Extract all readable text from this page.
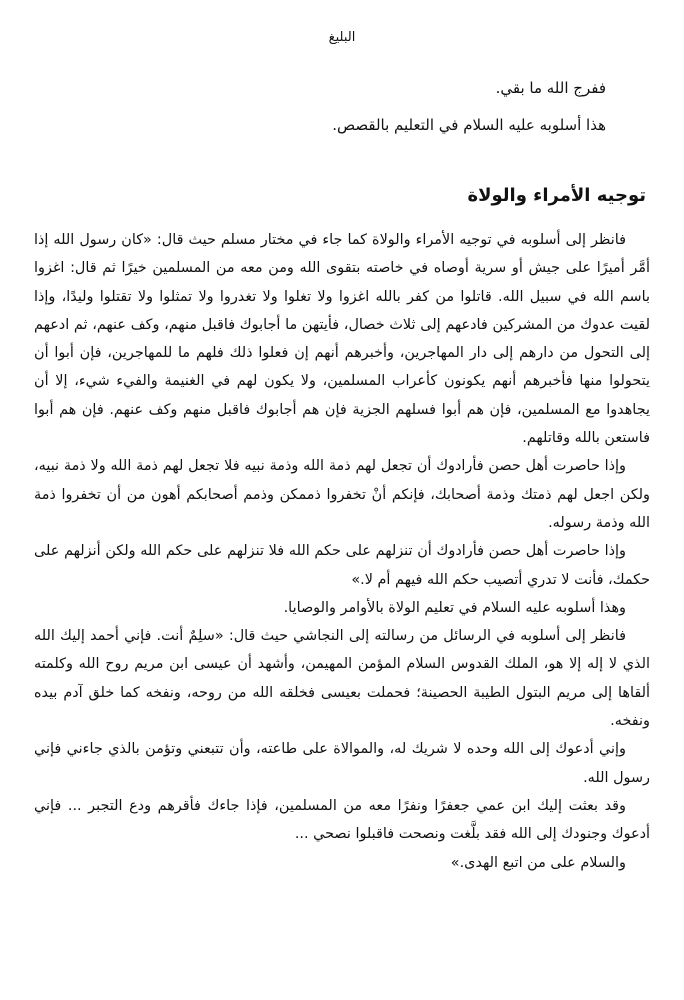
البليغ
ففرج الله ما بقي.
هذا أسلوبه عليه السلام في التعليم بالقصص.
توجيه الأمراء والولاة

فانظر إلى أسلوبه في توجيه الأمراء والولاة كما جاء في مختار مسلم حيث قال: «كان رسول الله إذا أمَّر أميرًا على جيش أو سرية أوصاه في خاصته بتقوى الله ومن معه من المسلمين خيرًا ثم قال: اغزوا باسم الله في سبيل الله. قاتلوا من كفر بالله اغزوا ولا تغلوا ولا تغدروا ولا تمثلوا ولا تقتلوا وليدًا، وإذا لقيت عدوك من المشركين فادعهم إلى ثلاث خصال، فأيتهن ما أجابوك فاقبل منهم، وكف عنهم، ثم ادعهم إلى التحول من دارهم إلى دار المهاجرين، وأخبرهم أنهم إن فعلوا ذلك فلهم ما للمهاجرين، فإن أبوا أن يتحولوا منها فأخبرهم أنهم يكونون كأعراب المسلمين، ولا يكون لهم في الغنيمة والفيء شيء، إلا أن يجاهدوا مع المسلمين، فإن هم أبوا فسلهم الجزية فإن هم أجابوك فاقبل منهم وكف عنهم. فإن هم أبوا فاستعن بالله وقاتلهم.

وإذا حاصرت أهل حصن فأرادوك أن تجعل لهم ذمة الله وذمة نبيه فلا تجعل لهم ذمة الله ولا ذمة نبيه، ولكن اجعل لهم ذمتك وذمة أصحابك، فإنكم أنْ تخفروا ذممكن وذمم أصحابكم أهون من أن تخفروا ذمة الله وذمة رسوله.

وإذا حاصرت أهل حصن فأرادوك أن تنزلهم على حكم الله فلا تنزلهم على حكم الله ولكن أنزلهم على حكمك، فأنت لا تدري أتصيب حكم الله فيهم أم لا.»

وهذا أسلوبه عليه السلام في تعليم الولاة بالأوامر والوصايا.

فانظر إلى أسلوبه في الرسائل من رسالته إلى النجاشي حيث قال: «سلِمٌ أنت. فإني أحمد إليك الله الذي لا إله إلا هو، الملك القدوس السلام المؤمن المهيمن، وأشهد أن عيسى ابن مريم روح الله وكلمته ألقاها إلى مريم البتول الطيبة الحصينة؛ فحملت بعيسى فخلقه الله من روحه، ونفخه كما خلق آدم بيده ونفخه.

وإني أدعوك إلى الله وحده لا شريك له، والموالاة على طاعته، وأن تتبعني وتؤمن بالذي جاءني فإني رسول الله.

وقد بعثت إليك ابن عمي جعفرًا ونفرًا معه من المسلمين، فإذا جاءك فأقرهم ودع التجبر ... فإني أدعوك وجنودك إلى الله فقد بلَّغت ونصحت فاقبلوا نصحي ...

والسلام على من اتبع الهدى.»
